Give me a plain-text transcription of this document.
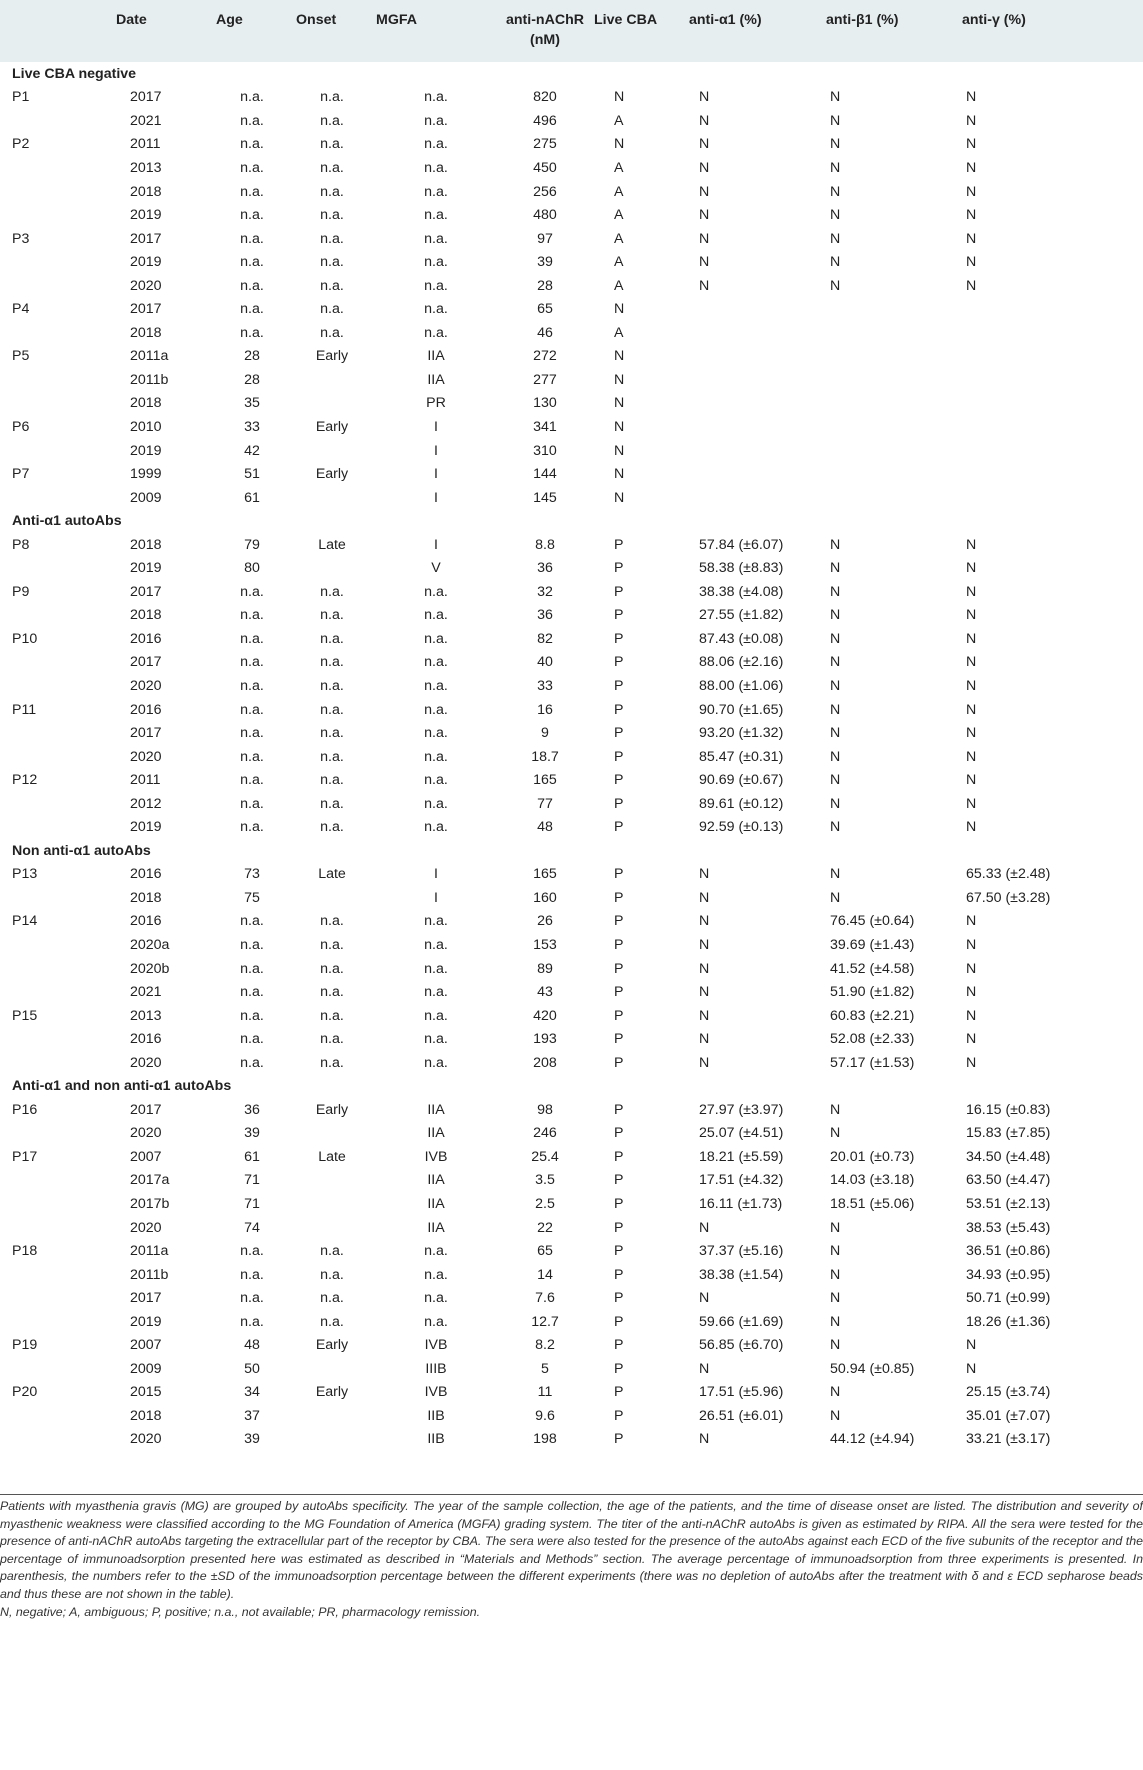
		Date	Age	Onset	MGFA	anti-nAChR
(nM)	Live CBA	anti-α1 (%)	anti-β1 (%)	anti-γ (%)
	Live CBA negative									
	P1	2017	n.a.	n.a.	n.a.	820	N	N	N	N
		2021	n.a.	n.a.	n.a.	496	A	N	N	N
	P2	2011	n.a.	n.a.	n.a.	275	N	N	N	N
		2013	n.a.	n.a.	n.a.	450	A	N	N	N
		2018	n.a.	n.a.	n.a.	256	A	N	N	N
		2019	n.a.	n.a.	n.a.	480	A	N	N	N
	P3	2017	n.a.	n.a.	n.a.	97	A	N	N	N
		2019	n.a.	n.a.	n.a.	39	A	N	N	N
		2020	n.a.	n.a.	n.a.	28	A	N	N	N
	P4	2017	n.a.	n.a.	n.a.	65	N			
		2018	n.a.	n.a.	n.a.	46	A			
	P5	2011a	28	Early	IIA	272	N			
		2011b	28		IIA	277	N			
		2018	35		PR	130	N			
	P6	2010	33	Early	I	341	N			
		2019	42		I	310	N			
	P7	1999	51	Early	I	144	N			
		2009	61		I	145	N			
	Anti-α1 autoAbs									
	P8	2018	79	Late	I	8.8	P	57.84 (±6.07)	N	N
		2019	80		V	36	P	58.38 (±8.83)	N	N
	P9	2017	n.a.	n.a.	n.a.	32	P	38.38 (±4.08)	N	N
		2018	n.a.	n.a.	n.a.	36	P	27.55 (±1.82)	N	N
	P10	2016	n.a.	n.a.	n.a.	82	P	87.43 (±0.08)	N	N
		2017	n.a.	n.a.	n.a.	40	P	88.06 (±2.16)	N	N
		2020	n.a.	n.a.	n.a.	33	P	88.00 (±1.06)	N	N
	P11	2016	n.a.	n.a.	n.a.	16	P	90.70 (±1.65)	N	N
		2017	n.a.	n.a.	n.a.	9	P	93.20 (±1.32)	N	N
		2020	n.a.	n.a.	n.a.	18.7	P	85.47 (±0.31)	N	N
	P12	2011	n.a.	n.a.	n.a.	165	P	90.69 (±0.67)	N	N
		2012	n.a.	n.a.	n.a.	77	P	89.61 (±0.12)	N	N
		2019	n.a.	n.a.	n.a.	48	P	92.59 (±0.13)	N	N
	Non anti-α1 autoAbs									
	P13	2016	73	Late	I	165	P	N	N	65.33 (±2.48)
		2018	75		I	160	P	N	N	67.50 (±3.28)
	P14	2016	n.a.	n.a.	n.a.	26	P	N	76.45 (±0.64)	N
		2020a	n.a.	n.a.	n.a.	153	P	N	39.69 (±1.43)	N
		2020b	n.a.	n.a.	n.a.	89	P	N	41.52 (±4.58)	N
		2021	n.a.	n.a.	n.a.	43	P	N	51.90 (±1.82)	N
	P15	2013	n.a.	n.a.	n.a.	420	P	N	60.83 (±2.21)	N
		2016	n.a.	n.a.	n.a.	193	P	N	52.08 (±2.33)	N
		2020	n.a.	n.a.	n.a.	208	P	N	57.17 (±1.53)	N
	Anti-α1 and non anti-α1 autoAbs									
	P16	2017	36	Early	IIA	98	P	27.97 (±3.97)	N	16.15 (±0.83)
		2020	39		IIA	246	P	25.07 (±4.51)	N	15.83 (±7.85)
	P17	2007	61	Late	IVB	25.4	P	18.21 (±5.59)	20.01 (±0.73)	34.50 (±4.48)
		2017a	71		IIA	3.5	P	17.51 (±4.32)	14.03 (±3.18)	63.50 (±4.47)
		2017b	71		IIA	2.5	P	16.11 (±1.73)	18.51 (±5.06)	53.51 (±2.13)
		2020	74		IIA	22	P	N	N	38.53 (±5.43)
	P18	2011a	n.a.	n.a.	n.a.	65	P	37.37 (±5.16)	N	36.51 (±0.86)
		2011b	n.a.	n.a.	n.a.	14	P	38.38 (±1.54)	N	34.93 (±0.95)
		2017	n.a.	n.a.	n.a.	7.6	P	N	N	50.71 (±0.99)
		2019	n.a.	n.a.	n.a.	12.7	P	59.66 (±1.69)	N	18.26 (±1.36)
	P19	2007	48	Early	IVB	8.2	P	56.85 (±6.70)	N	N
		2009	50		IIIB	5	P	N	50.94 (±0.85)	N
	P20	2015	34	Early	IVB	11	P	17.51 (±5.96)	N	25.15 (±3.74)
		2018	37		IIB	9.6	P	26.51 (±6.01)	N	35.01 (±7.07)
		2020	39		IIB	198	P	N	44.12 (±4.94)	33.21 (±3.17)

Patients with myasthenia gravis (MG) are grouped by autoAbs specificity. The year of the sample collection, the age of the patients, and the time of disease onset are listed. The distribution and severity of myasthenic weakness were classified according to the MG Foundation of America (MGFA) grading system. The titer of the anti-nAChR autoAbs is given as estimated by RIPA. All the sera were tested for the presence of anti-nAChR autoAbs targeting the extracellular part of the receptor by CBA. The sera were also tested for the presence of the autoAbs against each ECD of the five subunits of the receptor and the percentage of immunoadsorption presented here was estimated as described in “Materials and Methods” section. The average percentage of immunoadsorption from three experiments is presented. In parenthesis, the numbers refer to the ±SD of the immunoadsorption percentage between the different experiments (there was no depletion of autoAbs after the treatment with δ and ε ECD sepharose beads and thus these are not shown in the table).

N, negative; A, ambiguous; P, positive; n.a., not available; PR, pharmacology remission.
